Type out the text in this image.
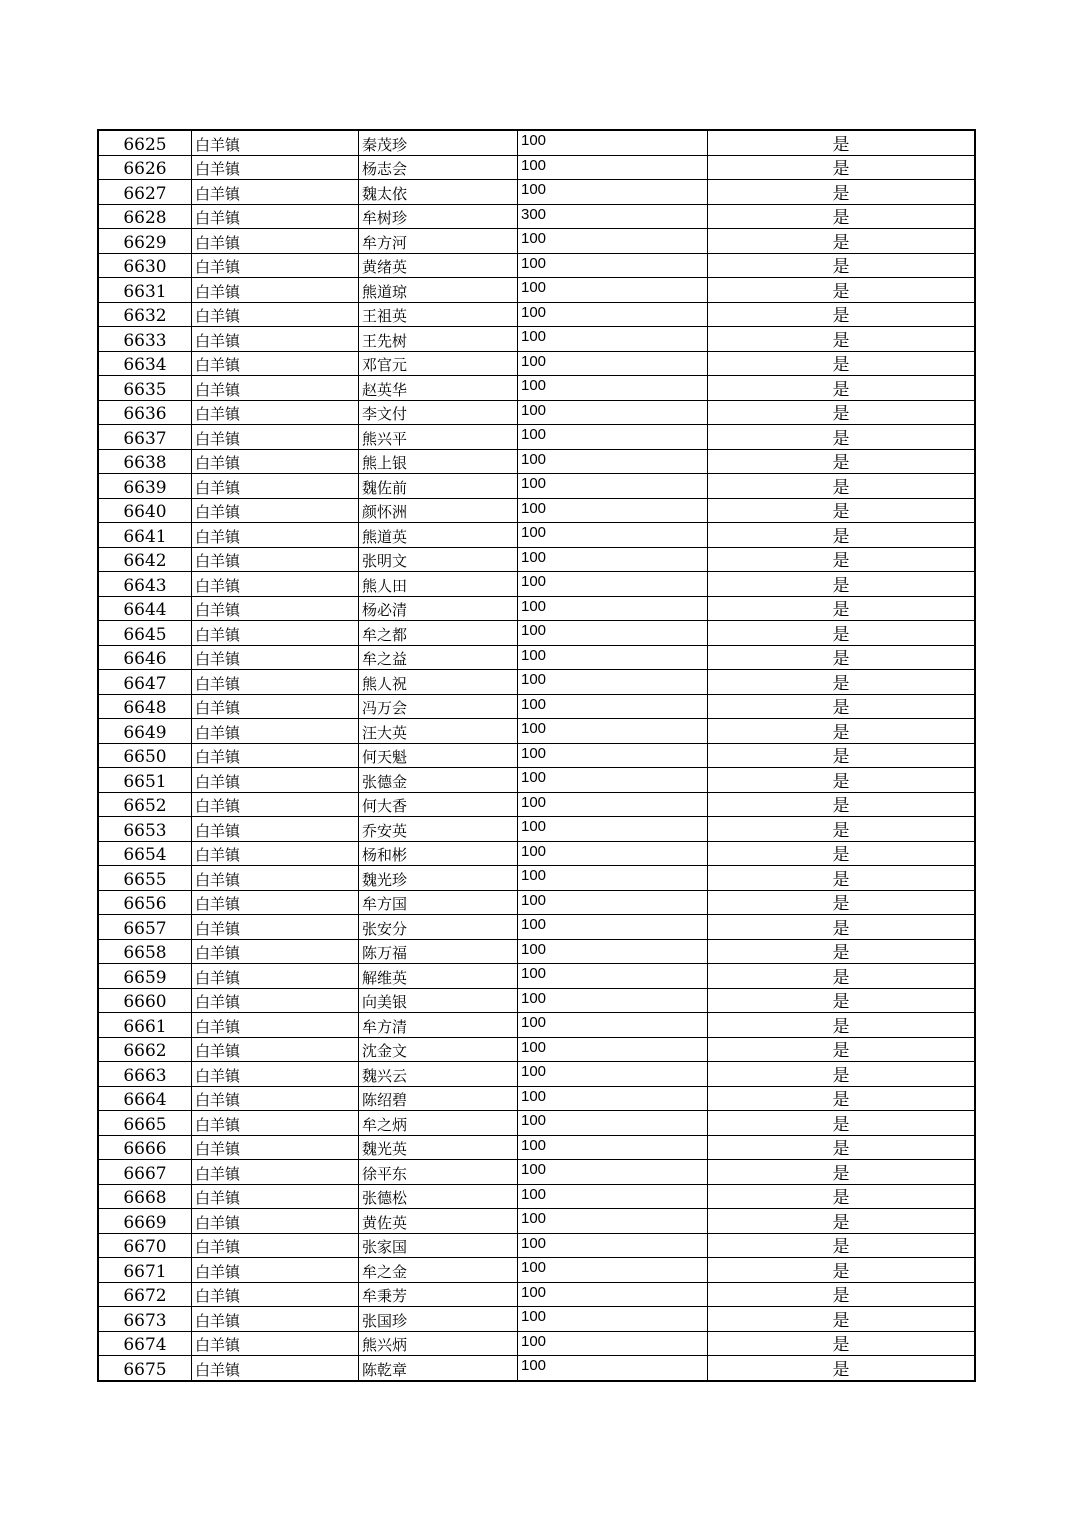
6625	白羊镇	秦茂珍	100	是
6626	白羊镇	杨志会	100	是
6627	白羊镇	魏太依	100	是
6628	白羊镇	牟树珍	300	是
6629	白羊镇	牟方河	100	是
6630	白羊镇	黄绪英	100	是
6631	白羊镇	熊道琼	100	是
6632	白羊镇	王祖英	100	是
6633	白羊镇	王先树	100	是
6634	白羊镇	邓官元	100	是
6635	白羊镇	赵英华	100	是
6636	白羊镇	李文付	100	是
6637	白羊镇	熊兴平	100	是
6638	白羊镇	熊上银	100	是
6639	白羊镇	魏佐前	100	是
6640	白羊镇	颜怀洲	100	是
6641	白羊镇	熊道英	100	是
6642	白羊镇	张明文	100	是
6643	白羊镇	熊人田	100	是
6644	白羊镇	杨必清	100	是
6645	白羊镇	牟之都	100	是
6646	白羊镇	牟之益	100	是
6647	白羊镇	熊人祝	100	是
6648	白羊镇	冯万会	100	是
6649	白羊镇	汪大英	100	是
6650	白羊镇	何天魁	100	是
6651	白羊镇	张德金	100	是
6652	白羊镇	何大香	100	是
6653	白羊镇	乔安英	100	是
6654	白羊镇	杨和彬	100	是
6655	白羊镇	魏光珍	100	是
6656	白羊镇	牟方国	100	是
6657	白羊镇	张安分	100	是
6658	白羊镇	陈万福	100	是
6659	白羊镇	解维英	100	是
6660	白羊镇	向美银	100	是
6661	白羊镇	牟方清	100	是
6662	白羊镇	沈金文	100	是
6663	白羊镇	魏兴云	100	是
6664	白羊镇	陈绍碧	100	是
6665	白羊镇	牟之炳	100	是
6666	白羊镇	魏光英	100	是
6667	白羊镇	徐平东	100	是
6668	白羊镇	张德松	100	是
6669	白羊镇	黄佐英	100	是
6670	白羊镇	张家国	100	是
6671	白羊镇	牟之金	100	是
6672	白羊镇	牟秉芳	100	是
6673	白羊镇	张国珍	100	是
6674	白羊镇	熊兴炳	100	是
6675	白羊镇	陈乾章	100	是
